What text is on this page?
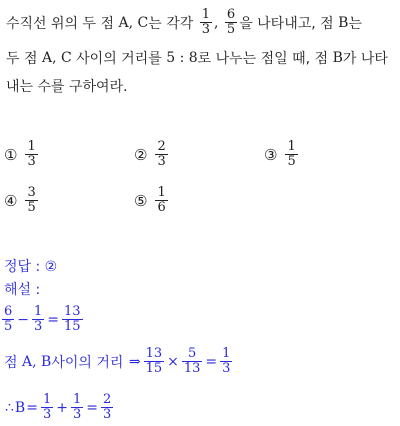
수직선 위의 두 점
A ,
C 는 각각
$\frac{1}{3}$ ,
$\frac{6}{5}$ 을 나타내고, 점
B 는
두 점
A ,
C
사이의 거리를
5 : 8 로 나누는 점일 때, 점
B 가 나타
내는 수를 구하여라.
① $\frac{1}{3}$	② $\frac{2}{3}$	③ $\frac{1}{5}$
④ $\frac{3}{5}$	⑤ $\frac{1}{6}$
정답 : ②
해설 :
$\frac{6}{5} - \frac{1}{3} = \frac{13}{15}$
점
A ,
B 사이의 거리
⇒ $\frac{13}{15} \times \frac{5}{13} = \frac{1}{3}$
∴ $B = \frac{1}{3} + \frac{1}{3} = \frac{2}{3}$
